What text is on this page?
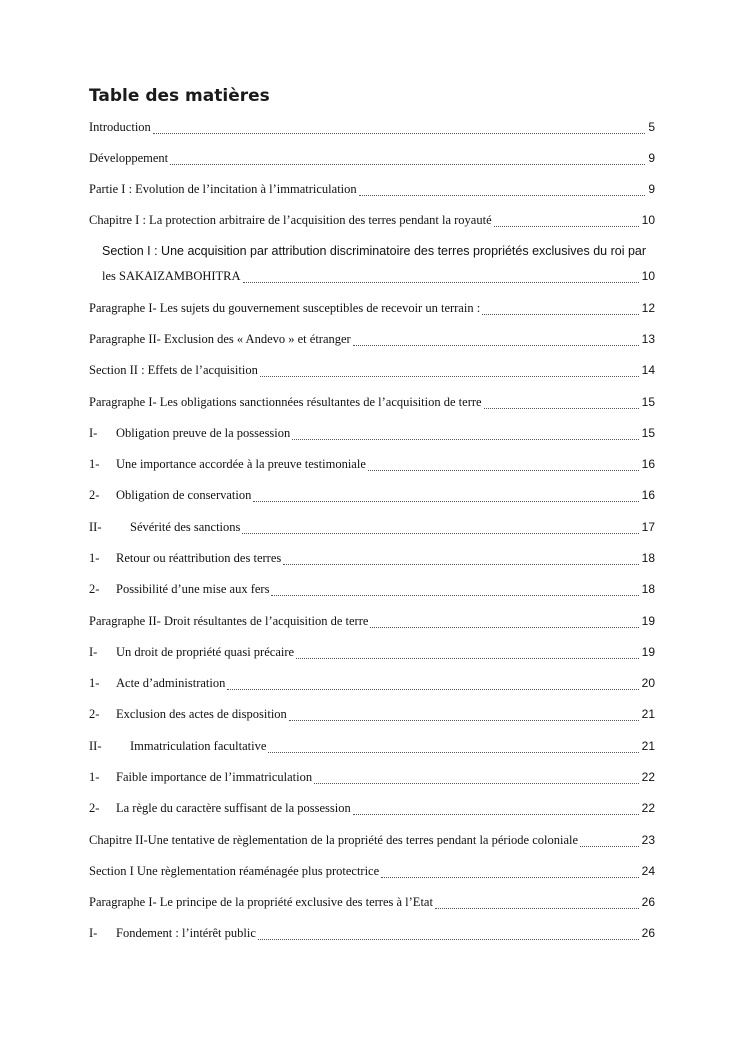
Table des matières
Introduction	5
Développement	9
Partie I : Evolution de l’incitation à l’immatriculation	9
Chapitre I : La protection arbitraire de l’acquisition des terres pendant la royauté	10
Section I : Une acquisition par attribution discriminatoire des terres propriétés exclusives du roi par
les SAKAIZAMBOHITRA	10
Paragraphe I- Les sujets du gouvernement susceptibles de recevoir un terrain :	12
Paragraphe II- Exclusion des « Andevo » et étranger	13
Section II : Effets de l’acquisition	14
Paragraphe I- Les obligations sanctionnées résultantes de l’acquisition de terre	15
I-	Obligation preuve de la possession	15
1-	Une importance accordée à la preuve testimoniale	16
2-	Obligation de conservation	16
II-	Sévérité des sanctions	17
1-	Retour ou réattribution des terres	18
2-	Possibilité d’une mise aux fers	18
Paragraphe II- Droit résultantes de l’acquisition de terre	19
I-	Un droit de propriété quasi précaire	19
1-	Acte d’administration	20
2-	Exclusion des actes de disposition	21
II-	Immatriculation facultative	21
1-	Faible importance de l’immatriculation	22
2-	La règle du caractère suffisant de la possession	22
Chapitre II-Une tentative de règlementation de la propriété des terres pendant la période coloniale	23
Section I Une règlementation réaménagée plus protectrice	24
Paragraphe I- Le principe de la propriété exclusive des terres à l’Etat	26
I-	Fondement : l’intérêt public	26
